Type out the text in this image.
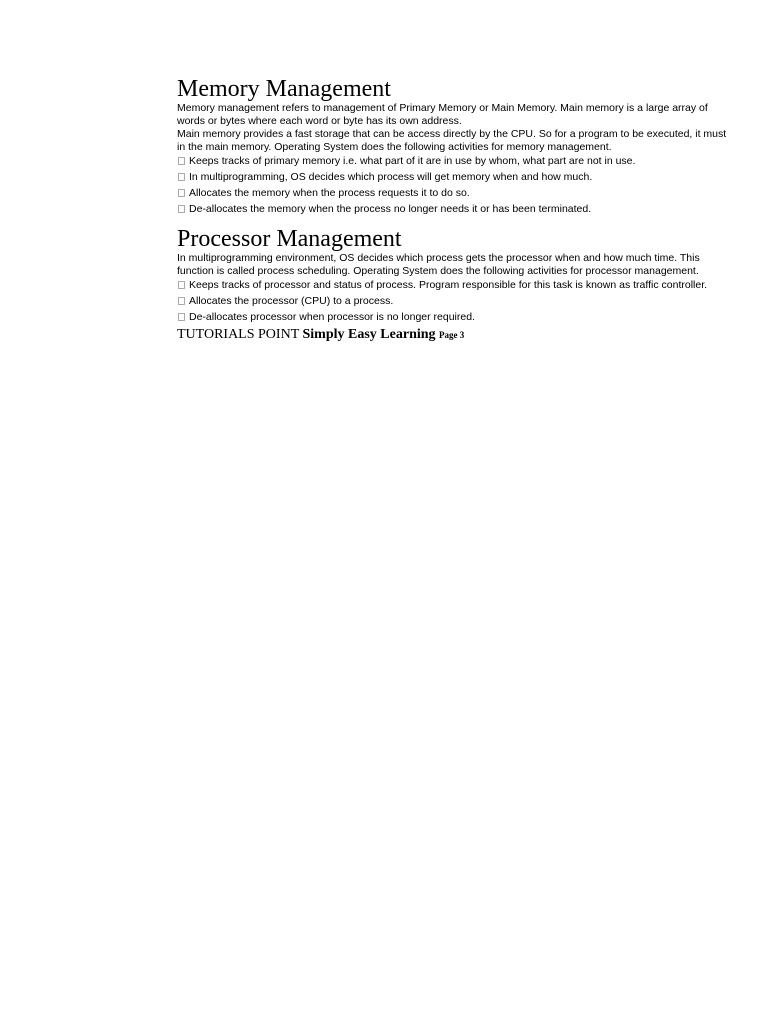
Memory Management

Memory management refers to management of Primary Memory or Main Memory. Main memory is a large array of words or bytes where each word or byte has its own address.

Main memory provides a fast storage that can be access directly by the CPU. So for a program to be executed, it must in the main memory. Operating System does the following activities for memory management.

Keeps tracks of primary memory i.e. what part of it are in use by whom, what part are not in use.
In multiprogramming, OS decides which process will get memory when and how much.
Allocates the memory when the process requests it to do so.
De-allocates the memory when the process no longer needs it or has been terminated.
Processor Management

In multiprogramming environment, OS decides which process gets the processor when and how much time. This function is called process scheduling. Operating System does the following activities for processor management.

Keeps tracks of processor and status of process. Program responsible for this task is known as traffic controller.
Allocates the processor (CPU) to a process.
De-allocates processor when processor is no longer required.
TUTORIALS POINT Simply Easy Learning Page 3
